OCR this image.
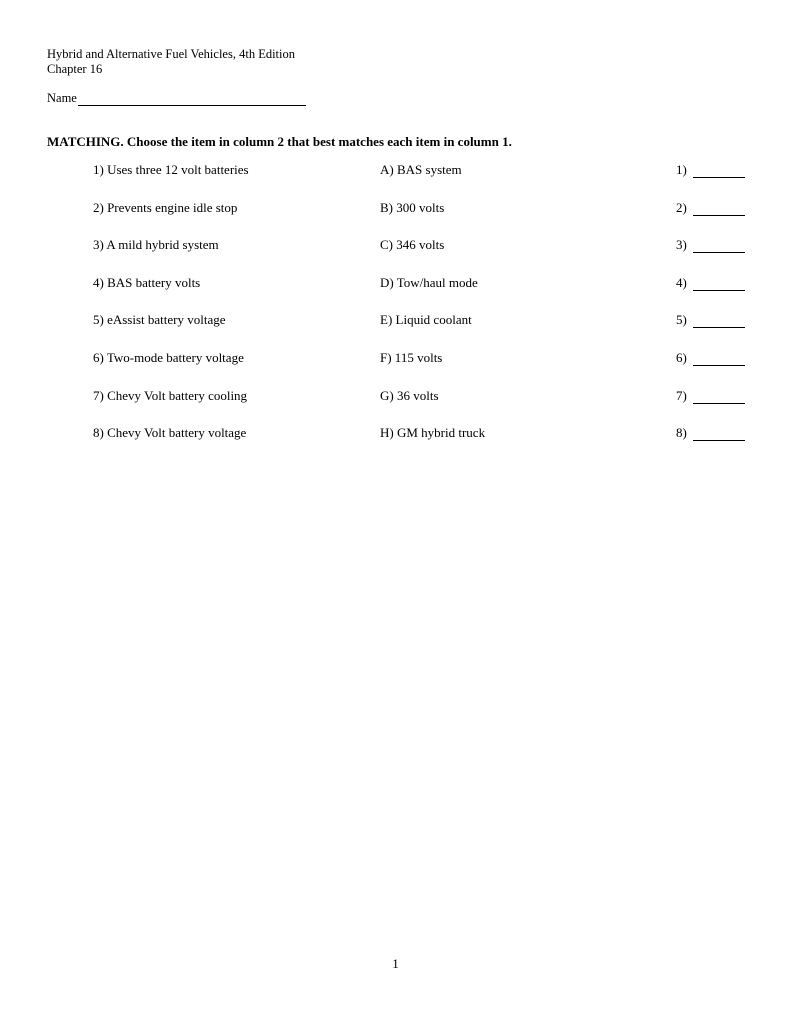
Hybrid and Alternative Fuel Vehicles, 4th Edition
Chapter 16
Name
MATCHING. Choose the item in column 2 that best matches each item in column 1.
1) Uses three 12 volt batteries	A) BAS system	1)
2) Prevents engine idle stop	B) 300 volts	2)
3) A mild hybrid system	C) 346 volts	3)
4) BAS battery volts	D) Tow/haul mode	4)
5) eAssist battery voltage	E) Liquid coolant	5)
6) Two-mode battery voltage	F) 115 volts	6)
7) Chevy Volt battery cooling	G) 36 volts	7)
8) Chevy Volt battery voltage	H) GM hybrid truck	8)
1
